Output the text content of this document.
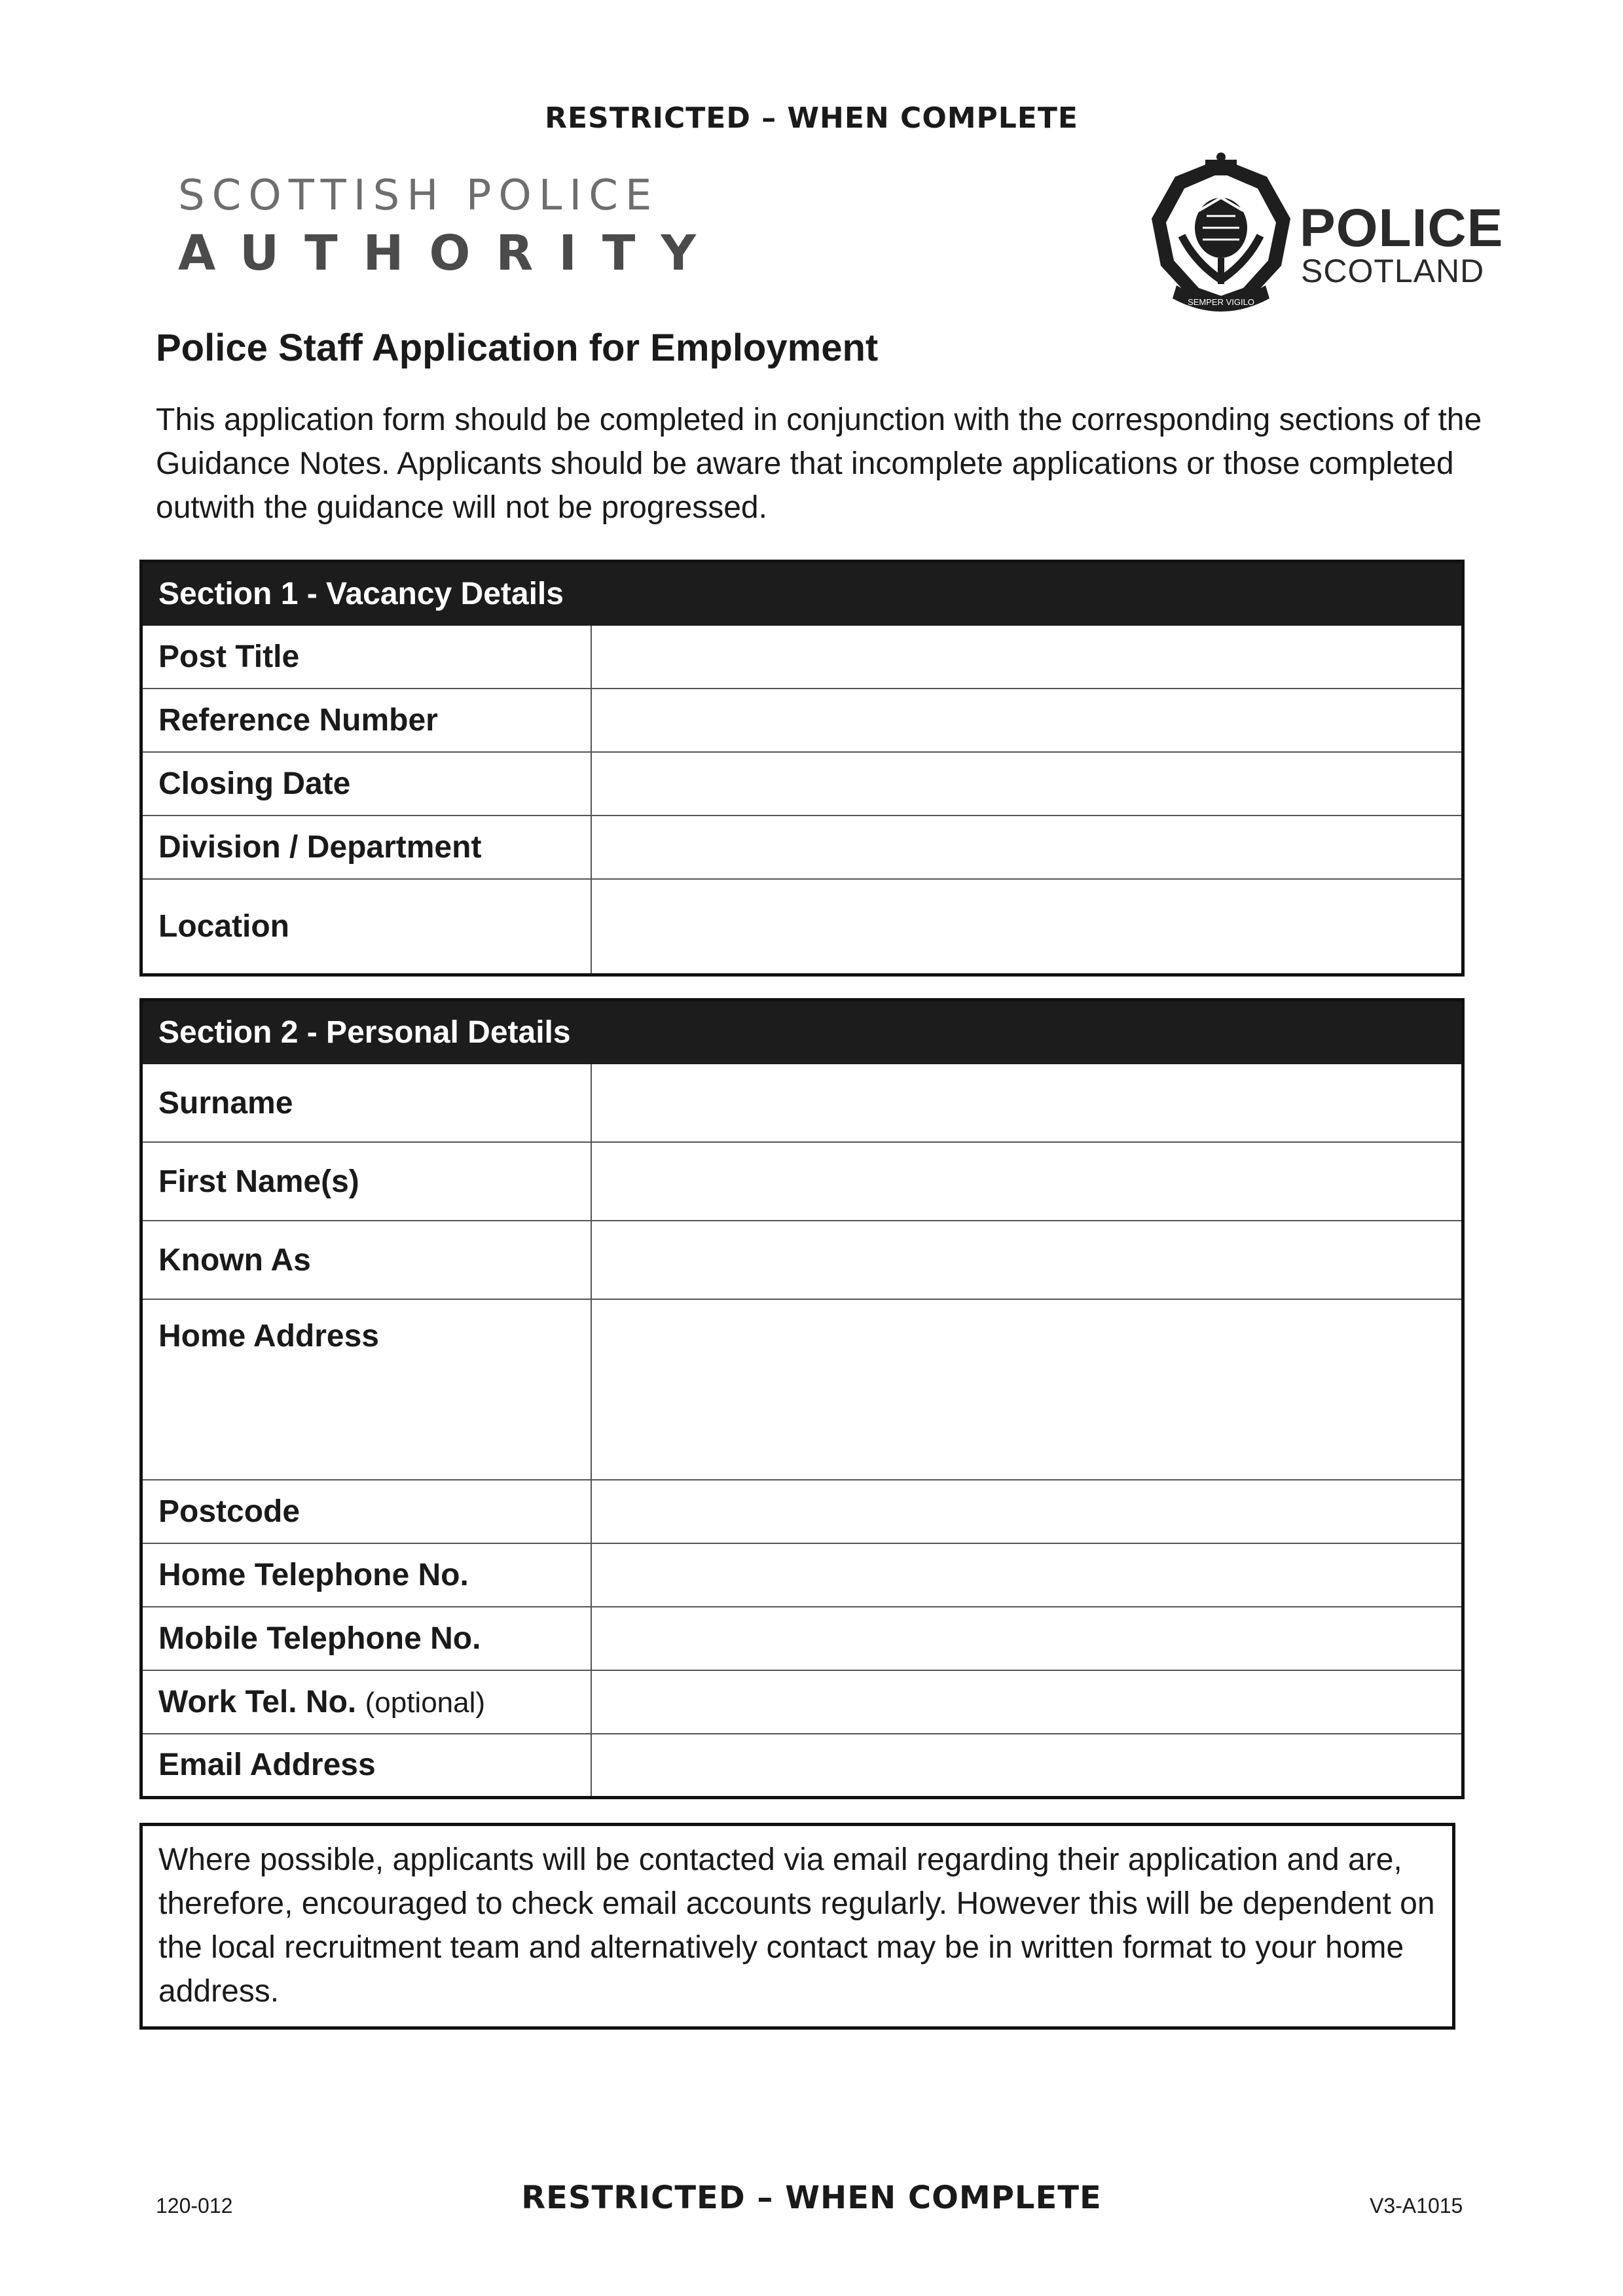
RESTRICTED – WHEN COMPLETE
SCOTTISH POLICE
AUTHORITY
SEMPER VIGILO
POLICE
SCOTLAND
Police Staff Application for Employment
This application form should be completed in conjunction with the corresponding sections of the Guidance Notes. Applicants should be aware that incomplete applications or those completed outwith the guidance will not be progressed.
Section 1 - Vacancy Details	
Post Title	
Reference Number	
Closing Date	
Division / Department	
Location	
Section 2 - Personal Details	
Surname	
First Name(s)	
Known As	
Home Address	
Postcode	
Home Telephone No.	
Mobile Telephone No.	
Work Tel. No. (optional)	
Email Address	
Where possible, applicants will be contacted via email regarding their application and are, therefore, encouraged to check email accounts regularly. However this will be dependent on the local recruitment team and alternatively contact may be in written format to your home address.
120-012	RESTRICTED – WHEN COMPLETE	V3-A1015
